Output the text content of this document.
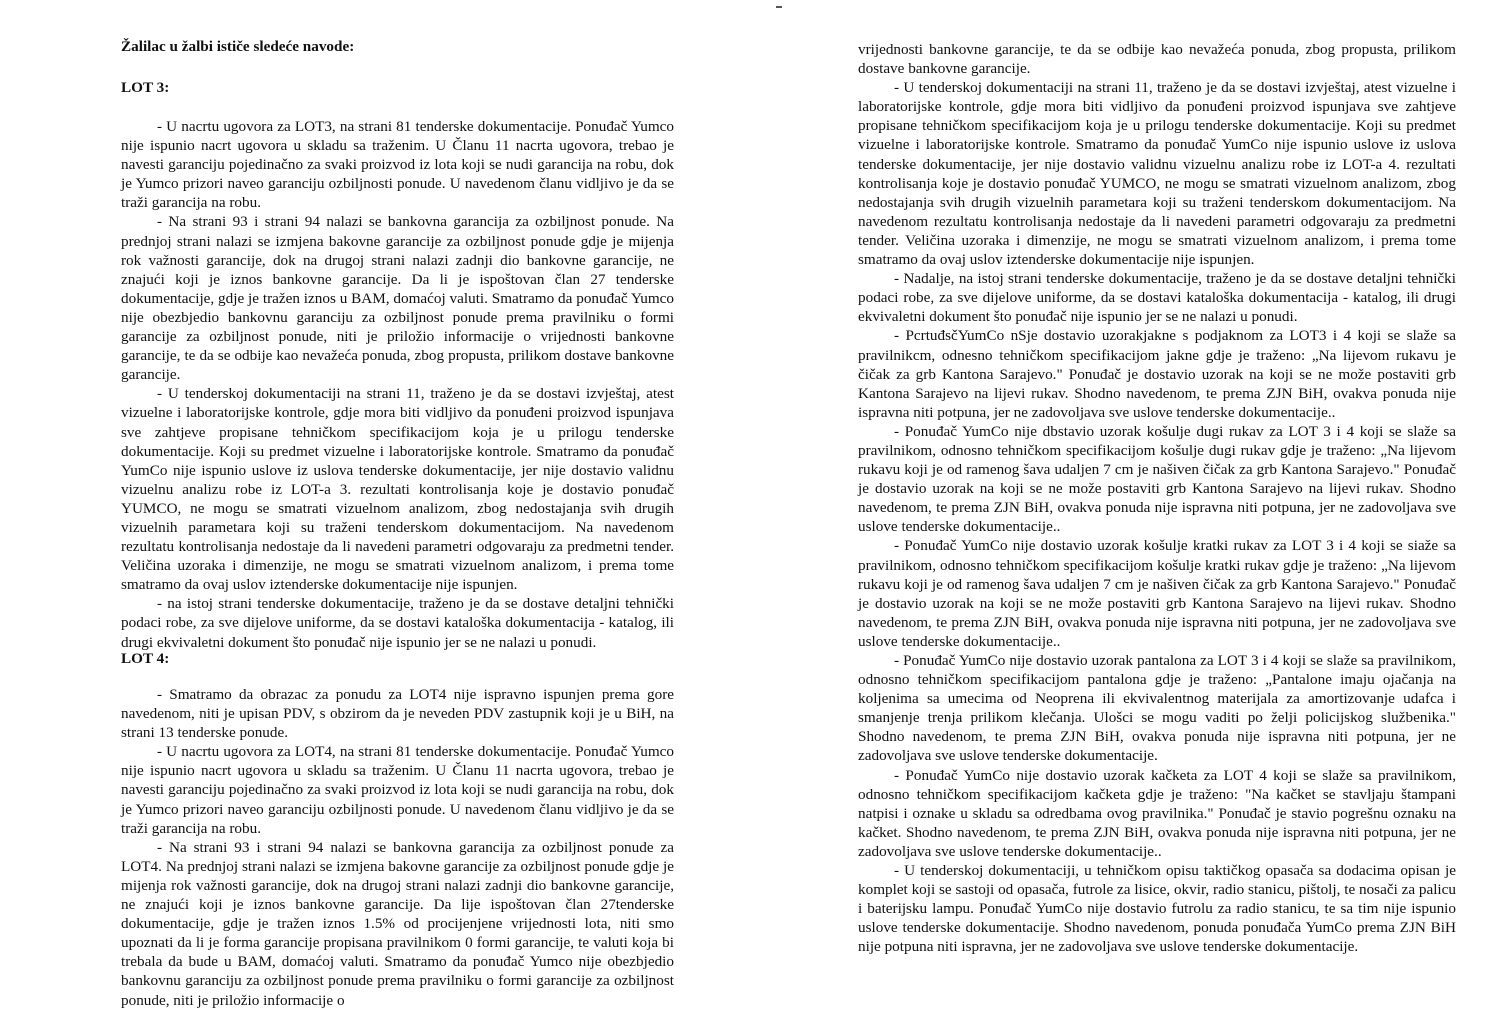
Žalilac u žalbi ističe sledeće navode:

LOT 3:

- U nacrtu ugovora za LOT3, na strani 81 tenderske dokumentacije. Ponuđač Yumco nije ispunio nacrt ugovora u skladu sa traženim. U Članu 11 nacrta ugovora, trebao je navesti garanciju pojedinačno za svaki proizvod iz lota koji se nudi garancija na robu, dok je Yumco prizori naveo garanciju ozbiljnosti ponude. U navedenom članu vidljivo je da se traži garancija na robu.

- Na strani 93 i strani 94 nalazi se bankovna garancija za ozbiljnost ponude. Na prednjoj strani nalazi se izmjena bakovne garancije za ozbiljnost ponude gdje je mijenja rok važnosti garancije, dok na drugoj strani nalazi zadnji dio bankovne garancije, ne znajući koji je iznos bankovne garancije. Da li je ispoštovan član 27 tenderske dokumentacije, gdje je tražen iznos u BAM, domaćoj valuti. Smatramo da ponuđač Yumco nije obezbjedio bankovnu garanciju za ozbiljnost ponude prema pravilniku o formi garancije za ozbiljnost ponude, niti je priložio informacije o vrijednosti bankovne garancije, te da se odbije kao nevažeća ponuda, zbog propusta, prilikom dostave bankovne garancije.

- U tenderskoj dokumentaciji na strani 11, traženo je da se dostavi izvještaj, atest vizuelne i laboratorijske kontrole, gdje mora biti vidljivo da ponuđeni proizvod ispunjava sve zahtjeve propisane tehničkom specifikacijom koja je u prilogu tenderske dokumentacije. Koji su predmet vizuelne i laboratorijske kontrole. Smatramo da ponuđač YumCo nije ispunio uslove iz uslova tenderske dokumentacije, jer nije dostavio validnu vizuelnu analizu robe iz LOT-a 3. rezultati kontrolisanja koje je dostavio ponuđač YUMCO, ne mogu se smatrati vizuelnom analizom, zbog nedostajanja svih drugih vizuelnih parametara koji su traženi tenderskom dokumentacijom. Na navedenom rezultatu kontrolisanja nedostaje da li navedeni parametri odgovaraju za predmetni tender. Veličina uzoraka i dimenzije, ne mogu se smatrati vizuelnom analizom, i prema tome smatramo da ovaj uslov iztenderske dokumentacije nije ispunjen.

- na istoj strani tenderske dokumentacije, traženo je da se dostave detaljni tehnički podaci robe, za sve dijelove uniforme, da se dostavi kataloška dokumentacija - katalog, ili drugi ekvivaletni dokument što ponuđač nije ispunio jer se ne nalazi u ponudi.

LOT 4:

- Smatramo da obrazac za ponudu za LOT4 nije ispravno ispunjen prema gore navedenom, niti je upisan PDV, s obzirom da je neveden PDV zastupnik koji je u BiH, na strani 13 tenderske ponude.

- U nacrtu ugovora za LOT4, na strani 81 tenderske dokumentacije. Ponuđač Yumco nije ispunio nacrt ugovora u skladu sa traženim. U Članu 11 nacrta ugovora, trebao je navesti garanciju pojedinačno za svaki proizvod iz lota koji se nudi garancija na robu, dok je Yumco prizori naveo garanciju ozbiljnosti ponude. U navedenom članu vidljivo je da se traži garancija na robu.

- Na strani 93 i strani 94 nalazi se bankovna garancija za ozbiljnost ponude za LOT4. Na prednjoj strani nalazi se izmjena bakovne garancije za ozbiljnost ponude gdje je mijenja rok važnosti garancije, dok na drugoj strani nalazi zadnji dio bankovne garancije, ne znajući koji je iznos bankovne garancije. Da lije ispoštovan član 27tenderske dokumentacije, gdje je tražen iznos 1.5% od procijenjene vrijednosti lota, niti smo upoznati da li je forma garancije propisana pravilnikom 0 formi garancije, te valuti koja bi trebala da bude u BAM, domaćoj valuti. Smatramo da ponuđač Yumco nije obezbjedio bankovnu garanciju za ozbiljnost ponude prema pravilniku o formi garancije za ozbiljnost ponude, niti je priložio informacije o

vrijednosti bankovne garancije, te da se odbije kao nevažeća ponuda, zbog propusta, prilikom dostave bankovne garancije.

- U tenderskoj dokumentaciji na strani 11, traženo je da se dostavi izvještaj, atest vizuelne i laboratorijske kontrole, gdje mora biti vidljivo da ponuđeni proizvod ispunjava sve zahtjeve propisane tehničkom specifikacijom koja je u prilogu tenderske dokumentacije. Koji su predmet vizuelne i laboratorijske kontrole. Smatramo da ponuđač YumCo nije ispunio uslove iz uslova tenderske dokumentacije, jer nije dostavio validnu vizuelnu analizu robe iz LOT-a 4. rezultati kontrolisanja koje je dostavio ponuđač YUMCO, ne mogu se smatrati vizuelnom analizom, zbog nedostajanja svih drugih vizuelnih parametara koji su traženi tenderskom dokumentacijom. Na navedenom rezultatu kontrolisanja nedostaje da li navedeni parametri odgovaraju za predmetni tender. Veličina uzoraka i dimenzije, ne mogu se smatrati vizuelnom analizom, i prema tome smatramo da ovaj uslov iztenderske dokumentacije nije ispunjen.

- Nadalje, na istoj strani tenderske dokumentacije, traženo je da se dostave detaljni tehnički podaci robe, za sve dijelove uniforme, da se dostavi kataloška dokumentacija - katalog, ili drugi ekvivaletni dokument što ponuđač nije ispunio jer se ne nalazi u ponudi.

- PcrtuđsčYumCo nSje dostavio uzorakjakne s podjaknom za LOT3 i 4 koji se slaže sa pravilnikcm, odnesno tehničkom specifikacijom jakne gdje je traženo: „Na lijevom rukavu je čičak za grb Kantona Sarajevo." Ponuđač je dostavio uzorak na koji se ne može postaviti grb Kantona Sarajevo na lijevi rukav. Shodno navedenom, te prema ZJN BiH, ovakva ponuda nije ispravna niti potpuna, jer ne zadovoljava sve uslove tenderske dokumentacije..

- Ponuđač YumCo nije dbstavio uzorak košulje dugi rukav za LOT 3 i 4 koji se slaže sa pravilnikom, odnosno tehničkom specifikacijom košulje dugi rukav gdje je traženo: „Na lijevom rukavu koji je od ramenog šava udaljen 7 cm je našiven čičak za grb Kantona Sarajevo." Ponuđač je dostavio uzorak na koji se ne može postaviti grb Kantona Sarajevo na lijevi rukav. Shodno navedenom, te prema ZJN BiH, ovakva ponuda nije ispravna niti potpuna, jer ne zadovoljava sve uslove tenderske dokumentacije..

- Ponuđač YumCo nije dostavio uzorak košulje kratki rukav za LOT 3 i 4 koji se siaže sa pravilnikom, odnosno tehničkom specifikacijom košulje kratki rukav gdje je traženo: „Na lijevom rukavu koji je od ramenog šava udaljen 7 cm je našiven čičak za grb Kantona Sarajevo." Ponuđač je dostavio uzorak na koji se ne može postaviti grb Kantona Sarajevo na lijevi rukav. Shodno navedenom, te prema ZJN BiH, ovakva ponuda nije ispravna niti potpuna, jer ne zadovoljava sve uslove tenderske dokumentacije..

- Ponuđač YumCo nije dostavio uzorak pantalona za LOT 3 i 4 koji se slaže sa pravilnikom, odnosno tehničkom specifikacijom pantalona gdje je traženo: „Pantalone imaju ojačanja na koljenima sa umecima od Neoprena ili ekvivalentnog materijala za amortizovanje udafca i smanjenje trenja prilikom klečanja. Ulošci se mogu vaditi po želji policijskog službenika." Shodno navedenom, te prema ZJN BiH, ovakva ponuda nije ispravna niti potpuna, jer ne zadovoljava sve uslove tenderske dokumentacije.

- Ponuđač YumCo nije dostavio uzorak kačketa za LOT 4 koji se slaže sa pravilnikom, odnosno tehničkom specifikacijom kačketa gdje je traženo: "Na kačket se stavljaju štampani natpisi i oznake u skladu sa odredbama ovog pravilnika." Ponuđač je stavio pogrešnu oznaku na kačket. Shodno navedenom, te prema ZJN BiH, ovakva ponuda nije ispravna niti potpuna, jer ne zadovoljava sve uslove tenderske dokumentacije..

- U tenderskoj dokumentaciji, u tehničkom opisu taktičkog opasača sa dodacima opisan je komplet koji se sastoji od opasača, futrole za lisice, okvir, radio stanicu, pištolj, te nosači za palicu i baterijsku lampu. Ponuđač YumCo nije dostavio futrolu za radio stanicu, te sa tim nije ispunio uslove tenderske dokumentacije. Shodno navedenom, ponuda ponuđača YumCo prema ZJN BiH nije potpuna niti ispravna, jer ne zadovoljava sve uslove tenderske dokumentacije.
